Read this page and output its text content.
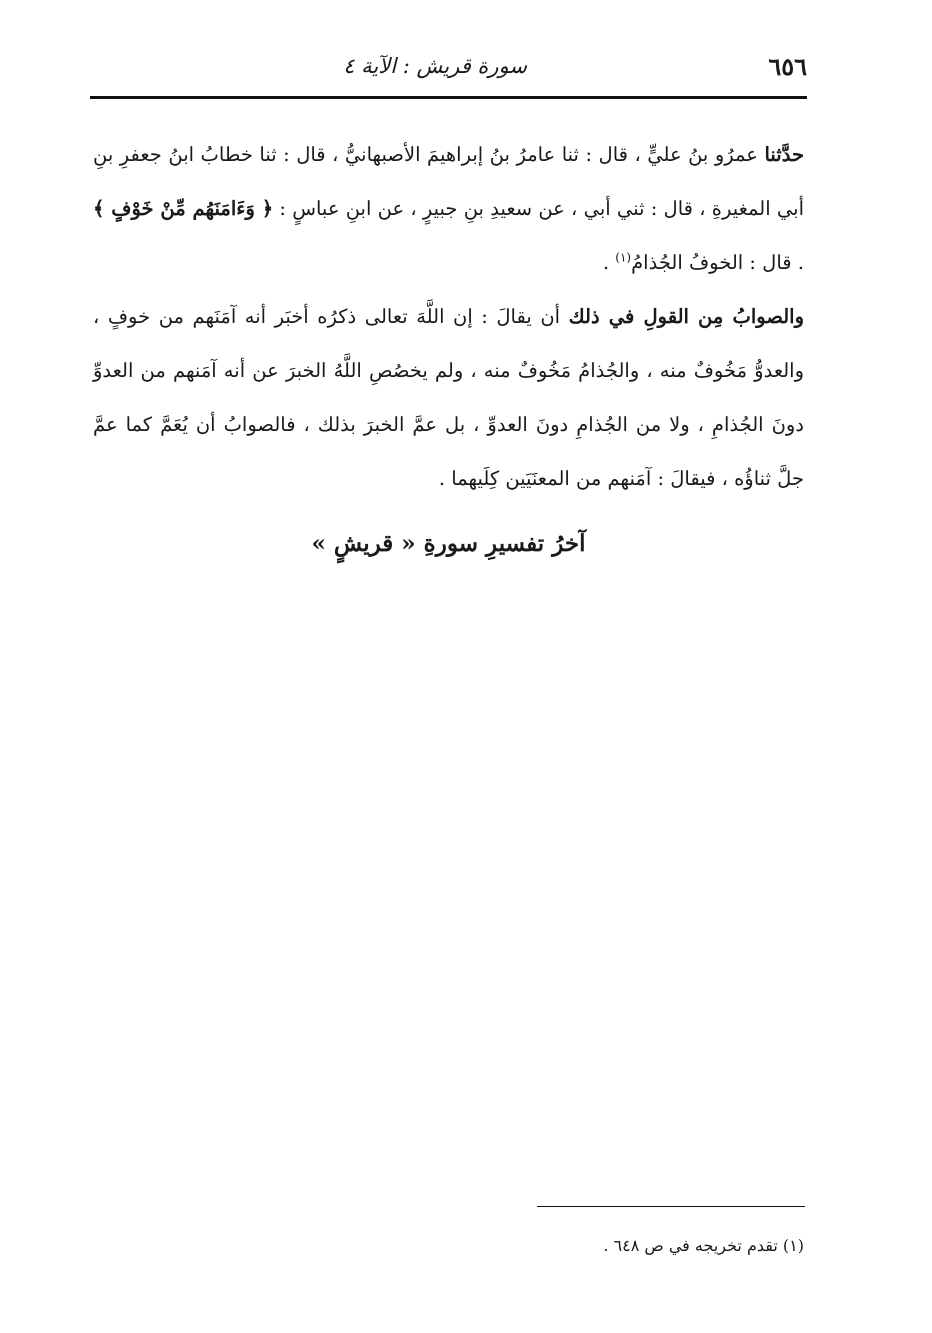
٦٥٦
سورة قريش : الآية ٤

حدَّثنا عمرُو بنُ عليٍّ ، قال : ثنا عامرُ بنُ إبراهيمَ الأصبهانيُّ ، قال : ثنا خطابُ ابنُ جعفرِ بنِ أبي المغيرةِ ، قال : ثني أبي ، عن سعيدِ بنِ جبيرٍ ، عن ابنِ عباسٍ : ﴿ وَءَامَنَهُم مِّنْ خَوْفٍ ﴾ . قال : الخوفُ الجُذامُ$^{(١)}$ .

والصوابُ مِن القولِ في ذلك أن يقالَ : إن اللَّهَ تعالى ذكرُه أخبَر أنه آمَنَهم من خوفٍ ، والعدوُّ مَخُوفٌ منه ، والجُذامُ مَخُوفٌ منه ، ولم يخصُصِ اللَّهُ الخبرَ عن أنه آمَنهم من العدوِّ دونَ الجُذامِ ، ولا من الجُذامِ دونَ العدوِّ ، بل عمَّ الخبرَ بذلك ، فالصوابُ أن يُعَمَّ كما عمَّ جلَّ ثناؤُه ، فيقالَ : آمَنهم من المعنَيَين كِلَيهما .

آخرُ تفسيرِ سورةِ « قريشٍ »
(١) تقدم تخريجه في ص ٦٤٨ .
